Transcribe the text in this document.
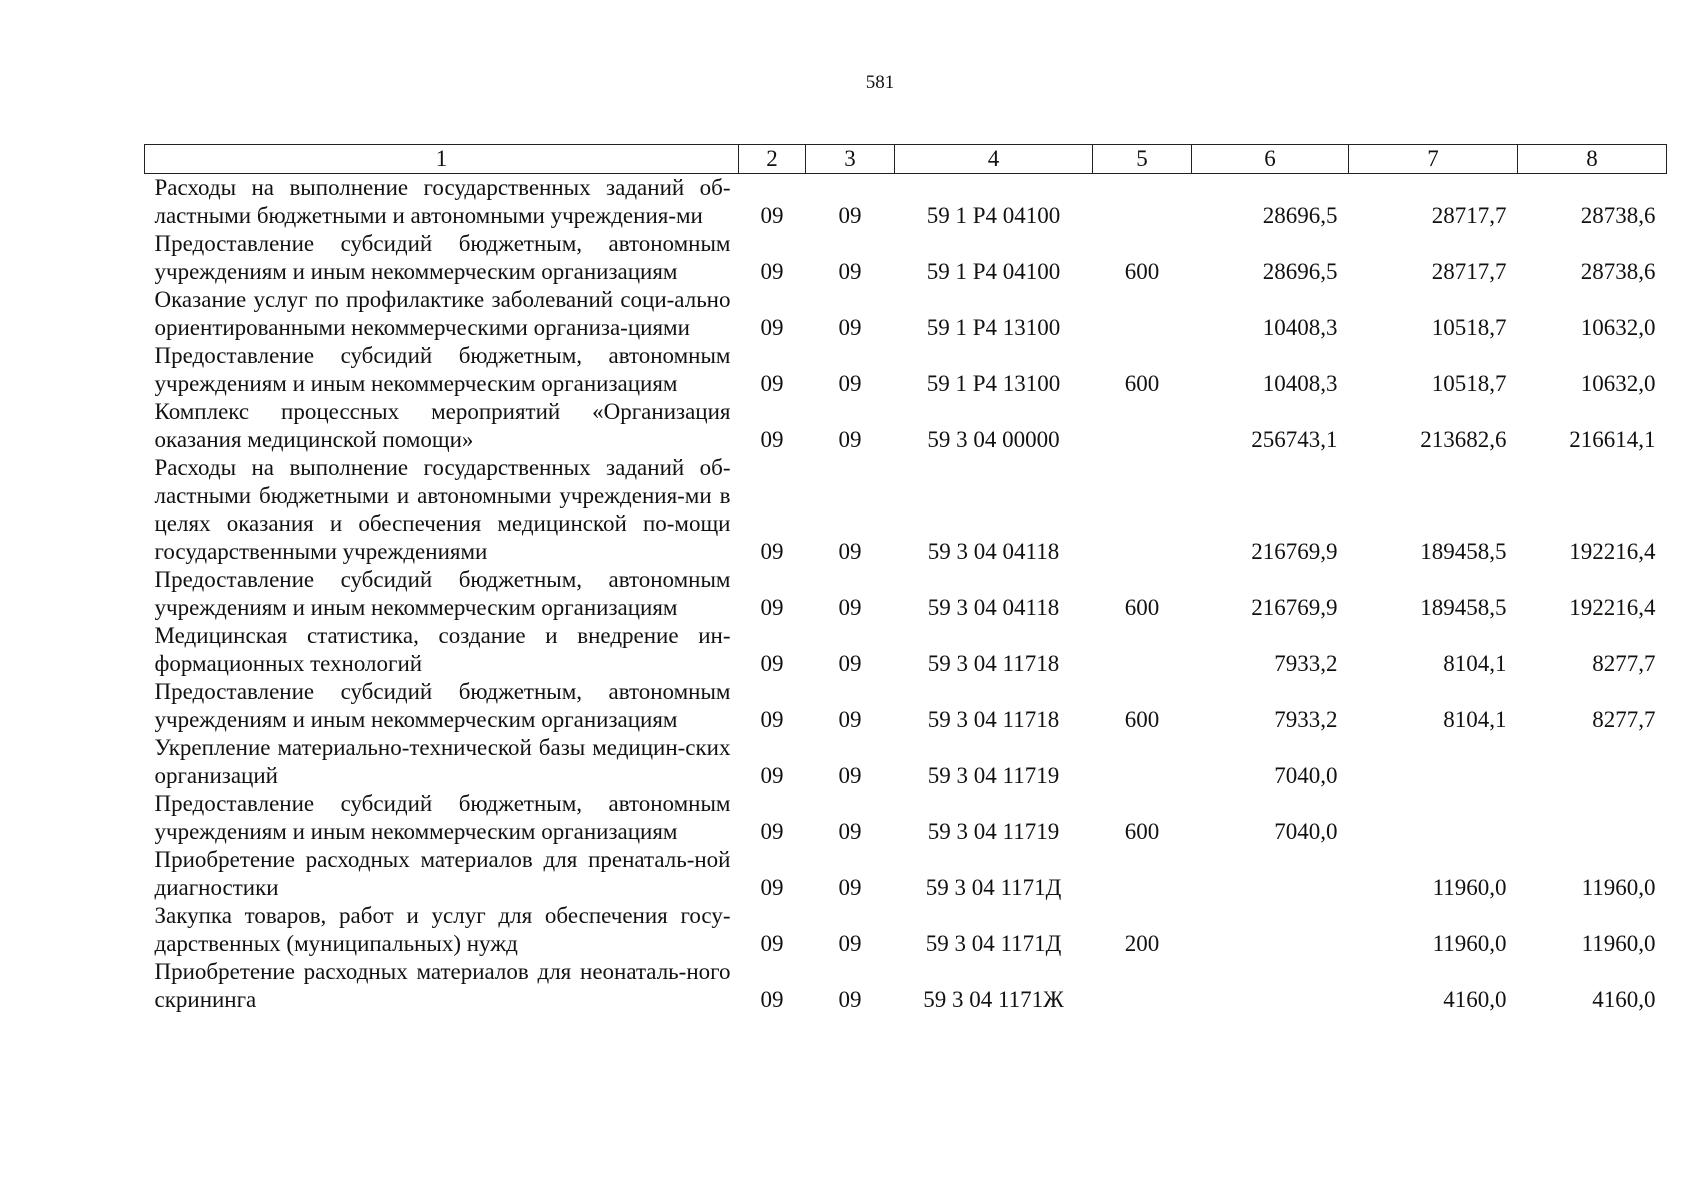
581
1	2	3	4	5	6	7	8
Расходы на выполнение государственных заданий об-ластными бюджетными и автономными учреждения-ми	09	09	59 1 Р4 04100		28696,5	28717,7	28738,6
Предоставление субсидий бюджетным, автономным учреждениям и иным некоммерческим организациям	09	09	59 1 Р4 04100	600	28696,5	28717,7	28738,6
Оказание услуг по профилактике заболеваний соци-ально ориентированными некоммерческими организа-циями	09	09	59 1 Р4 13100		10408,3	10518,7	10632,0
Предоставление субсидий бюджетным, автономным учреждениям и иным некоммерческим организациям	09	09	59 1 Р4 13100	600	10408,3	10518,7	10632,0
Комплекс процессных мероприятий «Организация оказания медицинской помощи»	09	09	59 3 04 00000		256743,1	213682,6	216614,1
Расходы на выполнение государственных заданий об-ластными бюджетными и автономными учреждения-ми в целях оказания и обеспечения медицинской по-мощи государственными учреждениями	09	09	59 3 04 04118		216769,9	189458,5	192216,4
Предоставление субсидий бюджетным, автономным учреждениям и иным некоммерческим организациям	09	09	59 3 04 04118	600	216769,9	189458,5	192216,4
Медицинская статистика, создание и внедрение ин-формационных технологий	09	09	59 3 04 11718		7933,2	8104,1	8277,7
Предоставление субсидий бюджетным, автономным учреждениям и иным некоммерческим организациям	09	09	59 3 04 11718	600	7933,2	8104,1	8277,7
Укрепление материально-технической базы медицин-ских организаций	09	09	59 3 04 11719		7040,0		
Предоставление субсидий бюджетным, автономным учреждениям и иным некоммерческим организациям	09	09	59 3 04 11719	600	7040,0		
Приобретение расходных материалов для пренаталь-ной диагностики	09	09	59 3 04 1171Д			11960,0	11960,0
Закупка товаров, работ и услуг для обеспечения госу-дарственных (муниципальных) нужд	09	09	59 3 04 1171Д	200		11960,0	11960,0
Приобретение расходных материалов для неонаталь-ного скрининга	09	09	59 3 04 1171Ж			4160,0	4160,0
